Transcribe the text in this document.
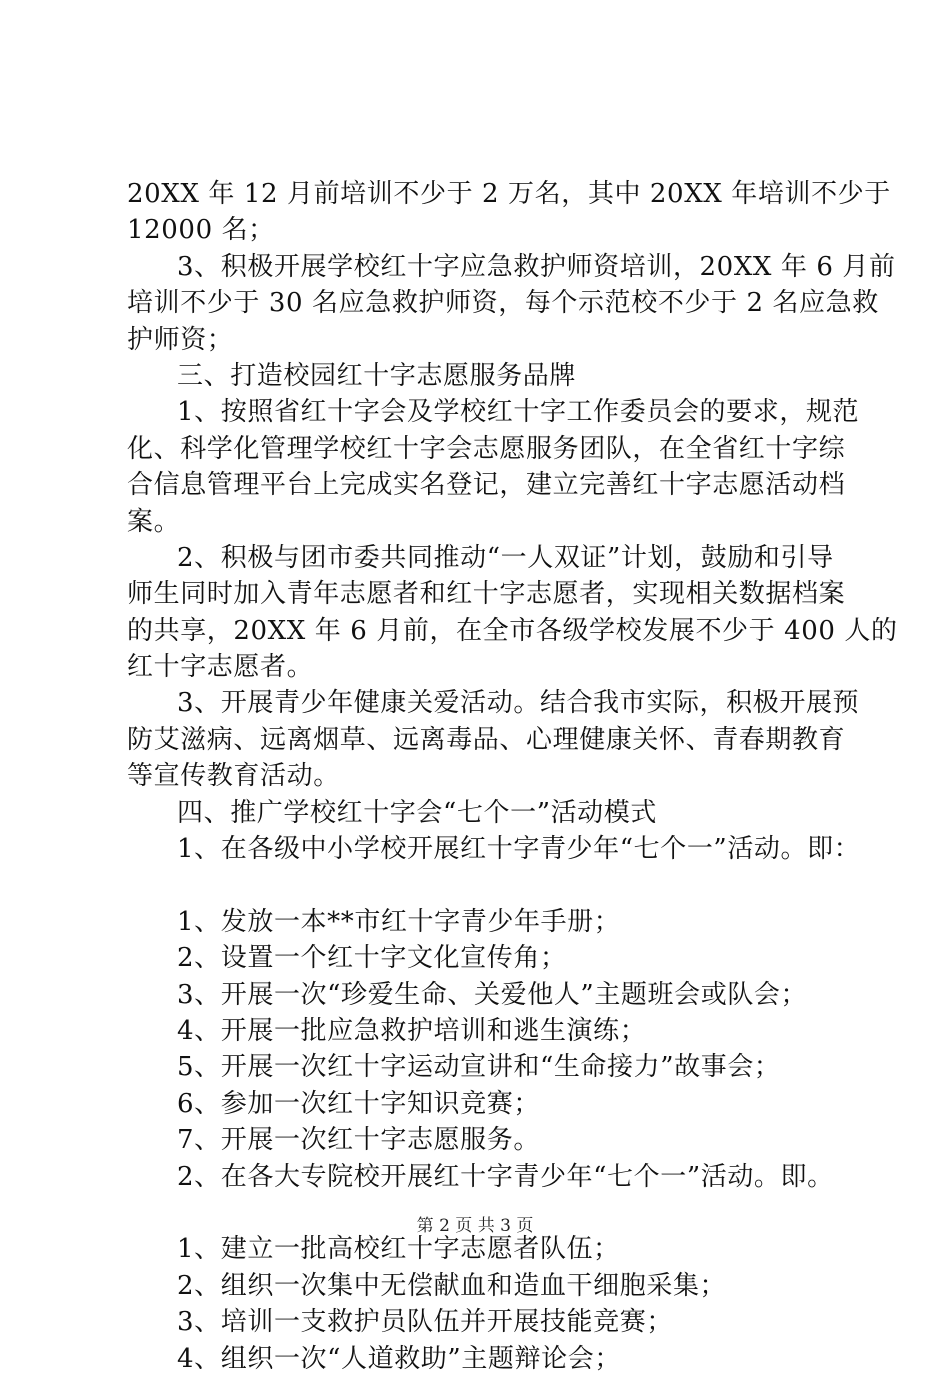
20XX 年 12 月前培训不少于 2 万名，其中 20XX 年培训不少于
12000 名；
3、积极开展学校红十字应急救护师资培训，20XX 年 6 月前
培训不少于 30 名应急救护师资，每个示范校不少于 2 名应急救
护师资；
三、打造校园红十字志愿服务品牌
1、按照省红十字会及学校红十字工作委员会的要求，规范
化、科学化管理学校红十字会志愿服务团队，在全省红十字综
合信息管理平台上完成实名登记，建立完善红十字志愿活动档
案。
2、积极与团市委共同推动“一人双证”计划，鼓励和引导
师生同时加入青年志愿者和红十字志愿者，实现相关数据档案
的共享，20XX 年 6 月前，在全市各级学校发展不少于 400 人的
红十字志愿者。
3、开展青少年健康关爱活动。结合我市实际，积极开展预
防艾滋病、远离烟草、远离毒品、心理健康关怀、青春期教育
等宣传教育活动。
四、推广学校红十字会“七个一”活动模式
1、在各级中小学校开展红十字青少年“七个一”活动。即：
1、发放一本**市红十字青少年手册；
2、设置一个红十字文化宣传角；
3、开展一次“珍爱生命、关爱他人”主题班会或队会；
4、开展一批应急救护培训和逃生演练；
5、开展一次红十字运动宣讲和“生命接力”故事会；
6、参加一次红十字知识竞赛；
7、开展一次红十字志愿服务。
2、在各大专院校开展红十字青少年“七个一”活动。即。
1、建立一批高校红十字志愿者队伍；
2、组织一次集中无偿献血和造血干细胞采集；
3、培训一支救护员队伍并开展技能竞赛；
4、组织一次“人道救助”主题辩论会；
第 2 页 共 3 页
